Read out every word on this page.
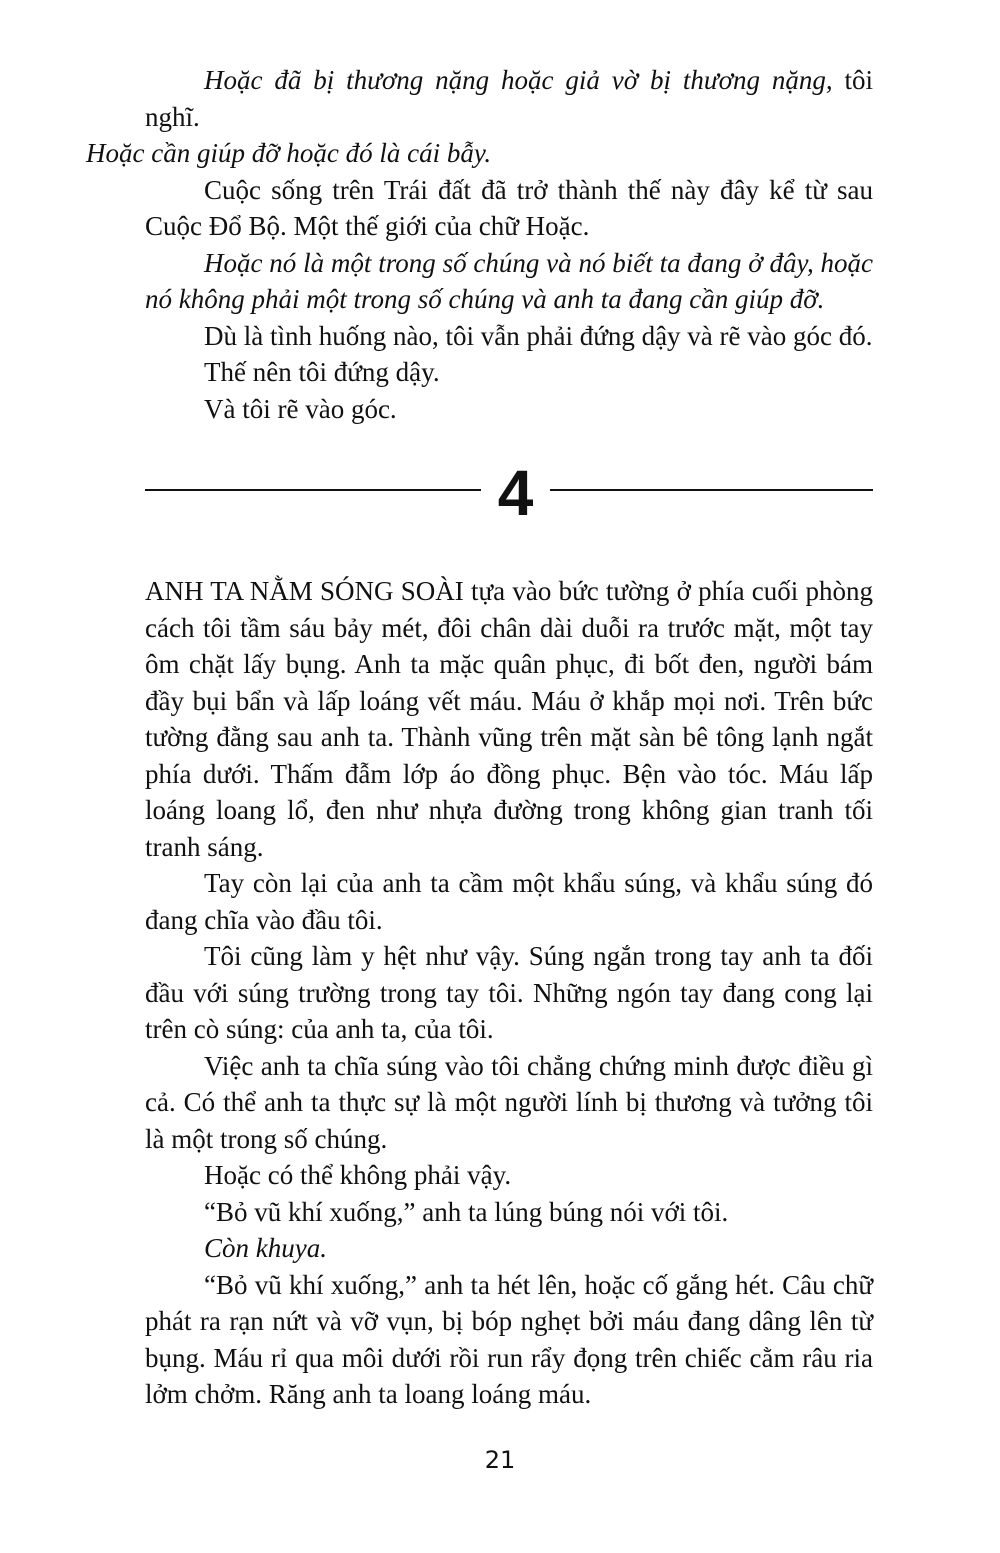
Hoặc đã bị thương nặng hoặc giả vờ bị thương nặng, tôi nghĩ.
Hoặc cần giúp đỡ hoặc đó là cái bẫy.

Cuộc sống trên Trái đất đã trở thành thế này đây kể từ sau Cuộc Đổ Bộ. Một thế giới của chữ Hoặc.

Hoặc nó là một trong số chúng và nó biết ta đang ở đây, hoặc nó không phải một trong số chúng và anh ta đang cần giúp đỡ.

Dù là tình huống nào, tôi vẫn phải đứng dậy và rẽ vào góc đó.

Thế nên tôi đứng dậy.

Và tôi rẽ vào góc.

4

ANH TA NẰM SÓNG SOÀI tựa vào bức tường ở phía cuối phòng cách tôi tầm sáu bảy mét, đôi chân dài duỗi ra trước mặt, một tay ôm chặt lấy bụng. Anh ta mặc quân phục, đi bốt đen, người bám đầy bụi bẩn và lấp loáng vết máu. Máu ở khắp mọi nơi. Trên bức tường đằng sau anh ta. Thành vũng trên mặt sàn bê tông lạnh ngắt phía dưới. Thấm đẫm lớp áo đồng phục. Bện vào tóc. Máu lấp loáng loang lổ, đen như nhựa đường trong không gian tranh tối tranh sáng.

Tay còn lại của anh ta cầm một khẩu súng, và khẩu súng đó đang chĩa vào đầu tôi.

Tôi cũng làm y hệt như vậy. Súng ngắn trong tay anh ta đối đầu với súng trường trong tay tôi. Những ngón tay đang cong lại trên cò súng: của anh ta, của tôi.

Việc anh ta chĩa súng vào tôi chẳng chứng minh được điều gì cả. Có thể anh ta thực sự là một người lính bị thương và tưởng tôi là một trong số chúng.

Hoặc có thể không phải vậy.

“Bỏ vũ khí xuống,” anh ta lúng búng nói với tôi.

Còn khuya.

“Bỏ vũ khí xuống,” anh ta hét lên, hoặc cố gắng hét. Câu chữ phát ra rạn nứt và vỡ vụn, bị bóp nghẹt bởi máu đang dâng lên từ bụng. Máu rỉ qua môi dưới rồi run rẩy đọng trên chiếc cằm râu ria lởm chởm. Răng anh ta loang loáng máu.

21
